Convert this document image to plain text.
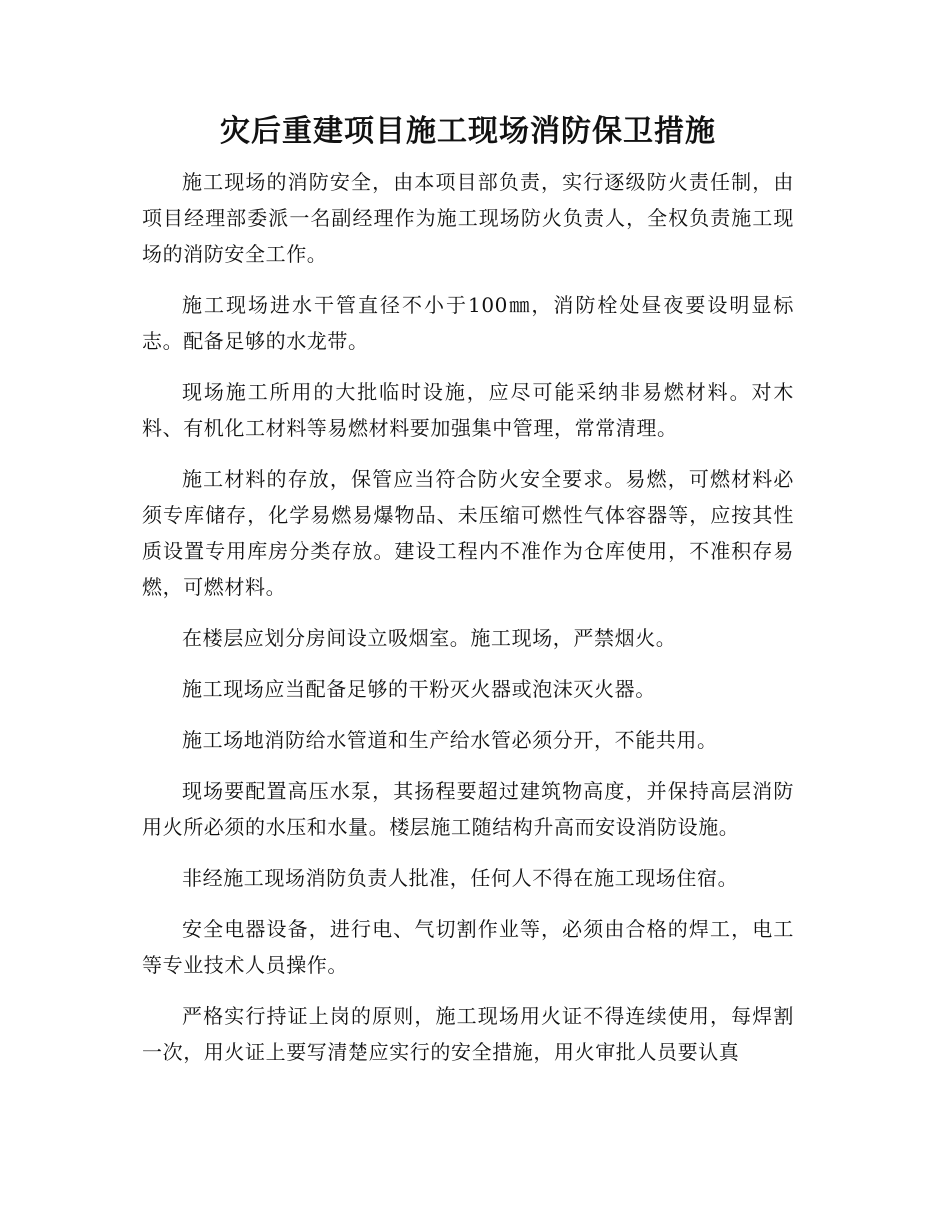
灾后重建项目施工现场消防保卫措施

施工现场的消防安全，由本项目部负责，实行逐级防火责任制，由项目经理部委派一名副经理作为施工现场防火负责人，全权负责施工现场的消防安全工作。

施工现场进水干管直径不小于100㎜，消防栓处昼夜要设明显标志。配备足够的水龙带。

现场施工所用的大批临时设施，应尽可能采纳非易燃材料。对木料、有机化工材料等易燃材料要加强集中管理，常常清理。

施工材料的存放，保管应当符合防火安全要求。易燃，可燃材料必须专库储存，化学易燃易爆物品、未压缩可燃性气体容器等，应按其性质设置专用库房分类存放。建设工程内不准作为仓库使用，不准积存易燃，可燃材料。

在楼层应划分房间设立吸烟室。施工现场，严禁烟火。

施工现场应当配备足够的干粉灭火器或泡沫灭火器。

施工场地消防给水管道和生产给水管必须分开，不能共用。

现场要配置高压水泵，其扬程要超过建筑物高度，并保持高层消防用火所必须的水压和水量。楼层施工随结构升高而安设消防设施。

非经施工现场消防负责人批准，任何人不得在施工现场住宿。

安全电器设备，进行电、气切割作业等，必须由合格的焊工，电工等专业技术人员操作。

严格实行持证上岗的原则，施工现场用火证不得连续使用，每焊割一次，用火证上要写清楚应实行的安全措施，用火审批人员要认真
